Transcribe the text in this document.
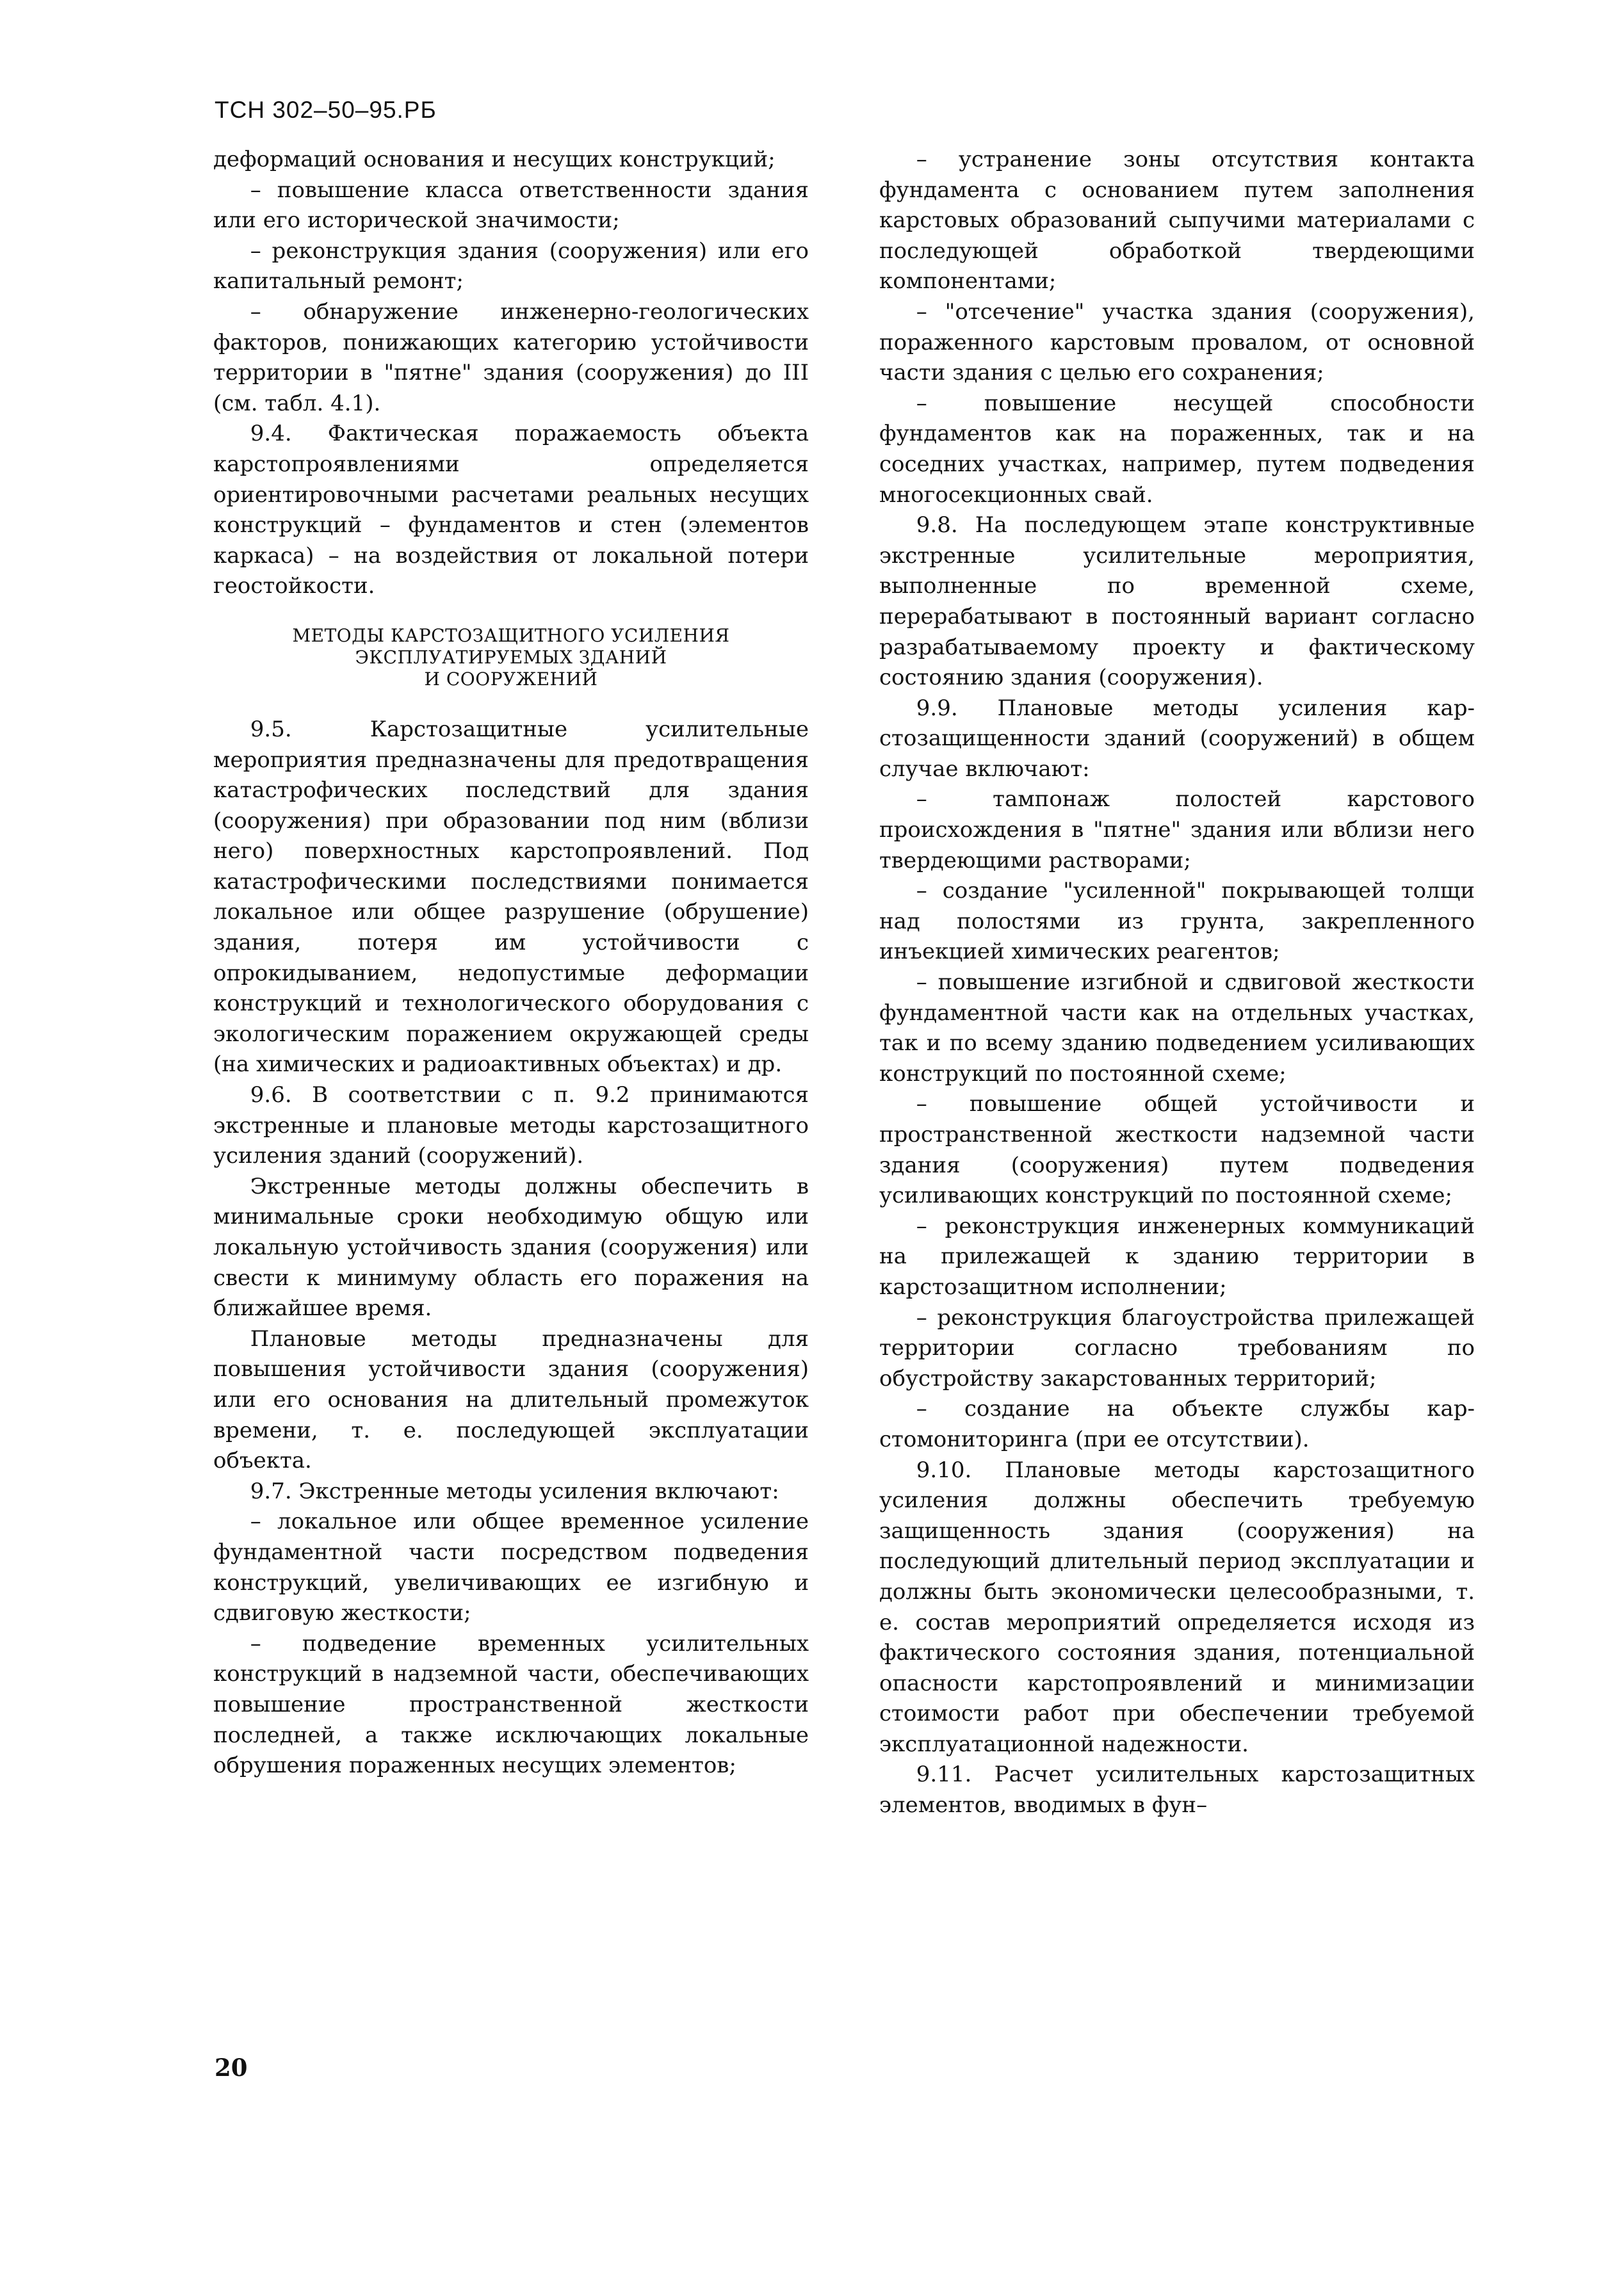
ТСН 302–50–95.РБ

деформаций основания и несущих конструкций;

– повышение класса ответственности здания или его исторической значимости;

– реконструкция здания (сооружения) или его капитальный ремонт;

– обнаружение инженерно-геологических факторов, понижающих категорию устойчивости территории в "пятне" здания (сооружения) до III (см. табл. 4.1).

9.4. Фактическая поражаемость объекта карстопроявлениями определяется ориентировочными расчетами реальных несущих конструкций – фундаментов и стен (элементов каркаса) – на воздействия от локальной потери геостойкости.

МЕТОДЫ КАРСТОЗАЩИТНОГО УСИЛЕНИЯ
ЭКСПЛУАТИРУЕМЫХ ЗДАНИЙ
И СООРУЖЕНИЙ

9.5. Карстозащитные усилительные мероприятия предназначены для предотвращения катастрофических последствий для здания (сооружения) при образовании под ним (вблизи него) поверхностных карстопроявлений. Под катастрофическими последствиями понимается локальное или общее разрушение (обрушение) здания, потеря им устойчивости с опрокидыванием, недопустимые деформации конструкций и технологического оборудования с экологическим поражением окружающей среды (на химических и радиоактивных объектах) и др.

9.6. В соответствии с п. 9.2 принимаются экстренные и плановые методы карстозащитного усиления зданий (сооружений).

Экстренные методы должны обеспечить в минимальные сроки необходимую общую или локальную устойчивость здания (сооружения) или свести к минимуму область его поражения на ближайшее время.

Плановые методы предназначены для повышения устойчивости здания (сооружения) или его основания на длительный промежуток времени, т. е. последующей эксплуатации объекта.

9.7. Экстренные методы усиления включают:

– локальное или общее временное усиление фундаментной части посредством подведения конструкций, увеличивающих ее изгибную и сдвиговую жесткости;

– подведение временных усилительных конструкций в надземной части, обеспечивающих повышение пространственной жесткости последней, а также исключающих локальные обрушения пораженных несущих элементов;

– устранение зоны отсутствия контакта фундамента с основанием путем заполнения карстовых образований сыпучими материалами с последующей обработкой твердеющими компонентами;

– "отсечение" участка здания (сооружения), пораженного карстовым провалом, от основной части здания с целью его сохранения;

– повышение несущей способности фундаментов как на пораженных, так и на соседних участках, например, путем подведения многосекционных свай.

9.8. На последующем этапе конструктивные экстренные усилительные мероприятия, выполненные по временной схеме, перерабатывают в постоянный вариант согласно разрабатываемому проекту и фактическому состоянию здания (сооружения).

9.9. Плановые методы усиления карстозащищенности зданий (сооружений) в общем случае включают:

– тампонаж полостей карстового происхождения в "пятне" здания или вблизи него твердеющими растворами;

– создание "усиленной" покрывающей толщи над полостями из грунта, закрепленного инъекцией химических реагентов;

– повышение изгибной и сдвиговой жесткости фундаментной части как на отдельных участках, так и по всему зданию подведением усиливающих конструкций по постоянной схеме;

– повышение общей устойчивости и пространственной жесткости надземной части здания (сооружения) путем подведения усиливающих конструкций по постоянной схеме;

– реконструкция инженерных коммуникаций на прилежащей к зданию территории в карстозащитном исполнении;

– реконструкция благоустройства прилежащей территории согласно требованиям по обустройству закарстованных территорий;

– создание на объекте службы карстомониторинга (при ее отсутствии).

9.10. Плановые методы карстозащитного усиления должны обеспечить требуемую защищенность здания (сооружения) на последующий длительный период эксплуатации и должны быть экономически целесообразными, т. е. состав мероприятий определяется исходя из фактического состояния здания, потенциальной опасности карстопроявлений и минимизации стоимости работ при обеспечении требуемой эксплуатационной надежности.

9.11. Расчет усилительных карстозащитных элементов, вводимых в фун–

20
